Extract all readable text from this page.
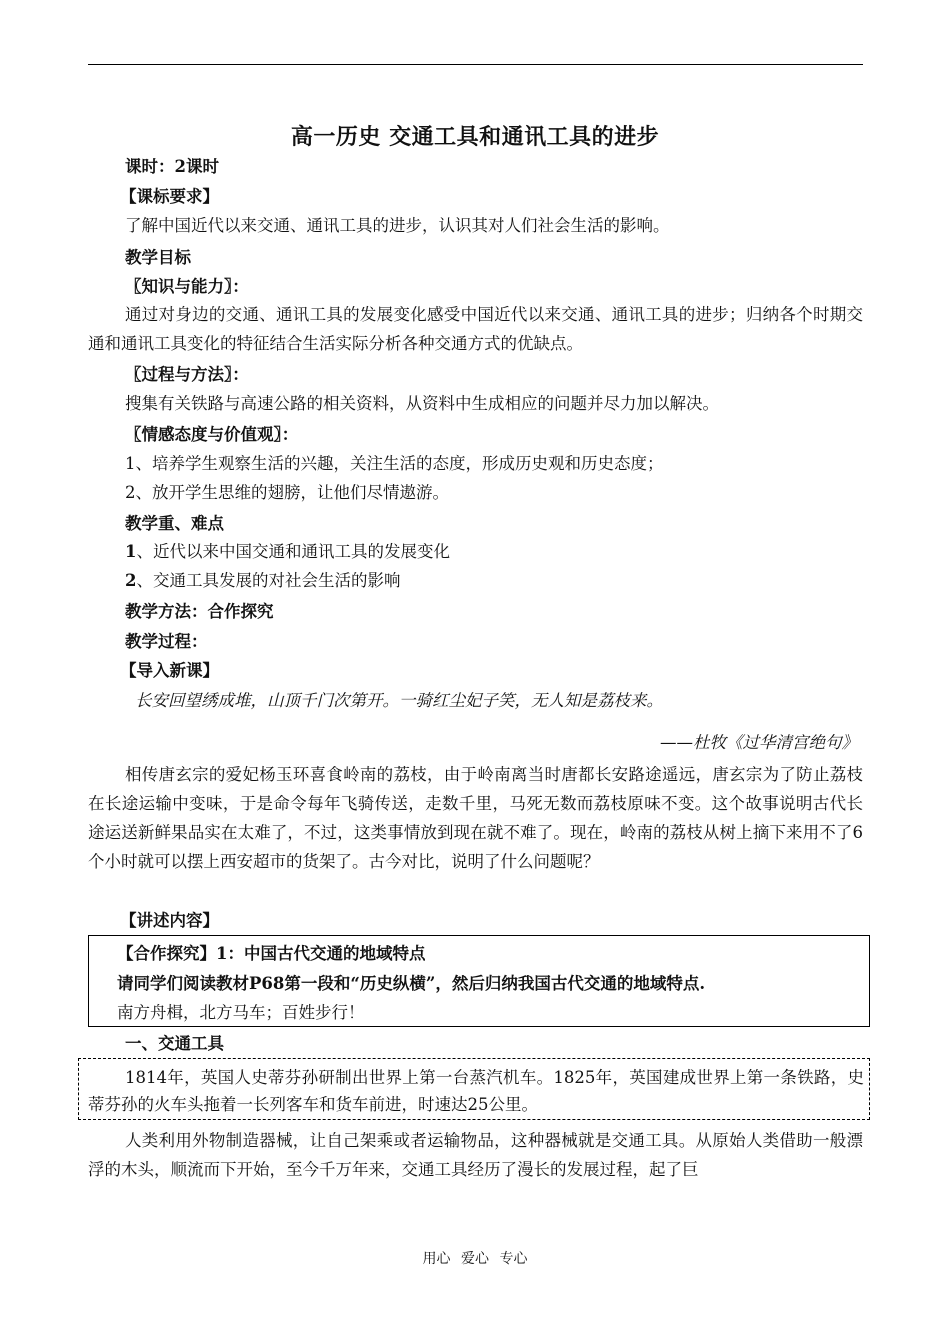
高一历史 交通工具和通讯工具的进步
课时：2课时
【课标要求】
了解中国近代以来交通、通讯工具的进步，认识其对人们社会生活的影响。
教学目标
〖知识与能力〗：
通过对身边的交通、通讯工具的发展变化感受中国近代以来交通、通讯工具的进步；归纳各个时期交通和通讯工具变化的特征结合生活实际分析各种交通方式的优缺点。
〖过程与方法〗：
搜集有关铁路与高速公路的相关资料，从资料中生成相应的问题并尽力加以解决。
〖情感态度与价值观〗：
1、培养学生观察生活的兴趣，关注生活的态度，形成历史观和历史态度；
2、放开学生思维的翅膀，让他们尽情遨游。
教学重、难点
1、近代以来中国交通和通讯工具的发展变化
2、交通工具发展的对社会生活的影响
教学方法：合作探究
教学过程：
【导入新课】
长安回望绣成堆，山顶千门次第开。一骑红尘妃子笑，无人知是荔枝来。
——杜牧《过华清宫绝句》
相传唐玄宗的爱妃杨玉环喜食岭南的荔枝，由于岭南离当时唐都长安路途遥远，唐玄宗为了防止荔枝在长途运输中变味，于是命令每年飞骑传送，走数千里，马死无数而荔枝原味不变。这个故事说明古代长途运送新鲜果品实在太难了，不过，这类事情放到现在就不难了。现在，岭南的荔枝从树上摘下来用不了6个小时就可以摆上西安超市的货架了。古今对比，说明了什么问题呢？
【讲述内容】
【合作探究】1：中国古代交通的地域特点
请同学们阅读教材P68第一段和“历史纵横”，然后归纳我国古代交通的地域特点.
南方舟楫，北方马车；百姓步行！
一、交通工具
1814年，英国人史蒂芬孙研制出世界上第一台蒸汽机车。1825年，英国建成世界上第一条铁路，史蒂芬孙的火车头拖着一长列客车和货车前进，时速达25公里。
人类利用外物制造器械，让自己架乘或者运输物品，这种器械就是交通工具。从原始人类借助一般漂浮的木头，顺流而下开始，至今千万年来，交通工具经历了漫长的发展过程，起了巨
用心 爱心 专心
